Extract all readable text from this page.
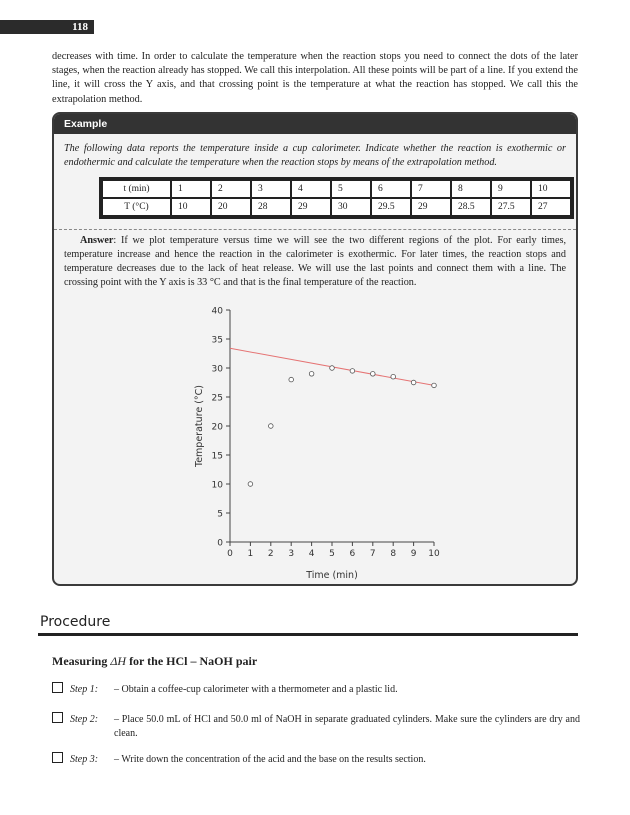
118

decreases with time. In order to calculate the temperature when the reaction stops you need to connect the dots of the later stages, when the reaction already has stopped. We call this interpolation. All these points will be part of a line. If you extend the line, it will cross the Y axis, and that crossing point is the temperature at what the reaction has stopped. We call this the extrapolation method.

Example
The following data reports the temperature inside a cup calorimeter. Indicate whether the reaction is exothermic or endothermic and calculate the temperature when the reaction stops by means of the extrapolation method.
t (min)	1	2	3	4	5	6	7	8	9	10
T (°C)	10	20	28	29	30	29.5	29	28.5	27.5	27

Answer: If we plot temperature versus time we will see the two different regions of the plot. For early times, temperature increase and hence the reaction in the calorimeter is exothermic. For later times, the reaction stops and temperature decreases due to the lack of heat release. We will use the last points and connect them with a line. The crossing point with the Y axis is 33 °C and that is the final temperature of the reaction.

0
5
10
15
20
25
30
35
40
0 1 2 3 4 5 6 7 8 9 10
Time (min)
Temperature (°C)
Procedure
Measuring ΔH for the HCl – NaOH pair
Step 1: – Obtain a coffee-cup calorimeter with a thermometer and a plastic lid.
Step 2: – Place 50.0 mL of HCl and 50.0 ml of NaOH in separate graduated cylinders. Make sure the cylinders are dry and clean.
Step 3: – Write down the concentration of the acid and the base on the results section.
